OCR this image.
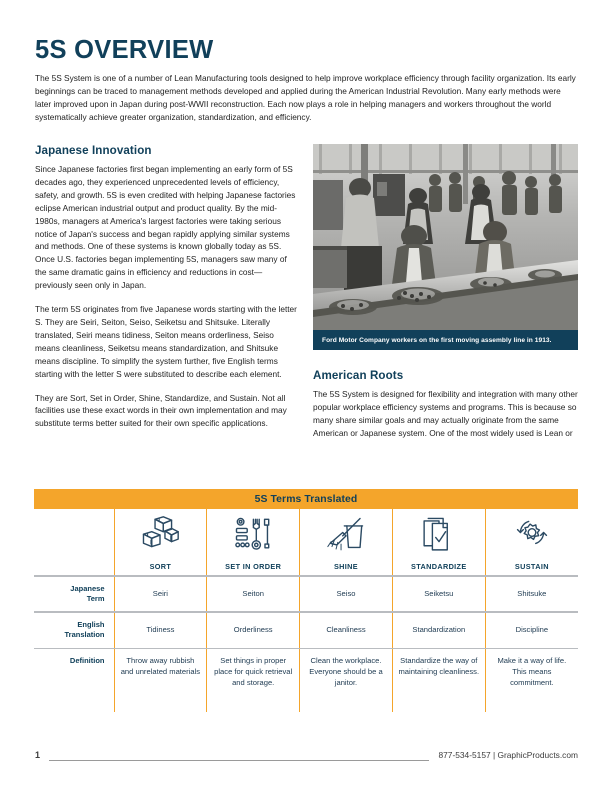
5S OVERVIEW
The 5S System is one of a number of Lean Manufacturing tools designed to help improve workplace efficiency through facility organization. Its early beginnings can be traced to management methods developed and applied during the American Industrial Revolution. Many early methods were later improved upon in Japan during post-WWII reconstruction. Each now plays a role in helping managers and workers throughout the world systematically achieve greater organization, standardization, and efficiency.
Japanese Innovation

Since Japanese factories first began implementing an early form of 5S decades ago, they experienced unprecedented levels of efficiency, safety, and growth. 5S is even credited with helping Japanese factories eclipse American industrial output and product quality. By the mid-1980s, managers at America's largest factories were taking serious notice of Japan's success and began rapidly applying similar systems and methods. One of these systems is known globally today as 5S. Once U.S. factories began implementing 5S, managers saw many of the same dramatic gains in efficiency and reductions in cost—previously seen only in Japan.

The term 5S originates from five Japanese words starting with the letter S. They are Seiri, Seiton, Seiso, Seiketsu and Shitsuke. Literally translated, Seiri means tidiness, Seiton means orderliness, Seiso means cleanliness, Seiketsu means standardization, and Shitsuke means discipline. To simplify the system further, five English terms starting with the letter S were substituted to describe each element.

They are Sort, Set in Order, Shine, Standardize, and Sustain. Not all facilities use these exact words in their own implementation and may substitute terms better suited for their own specific applications.

Ford Motor Company workers on the first moving assembly line in 1913.
American Roots

The 5S System is designed for flexibility and integration with many other popular workplace efficiency systems and programs. This is because so many share similar goals and may actually originate from the same American or Japanese system. One of the most widely used is Lean or

5S Terms Translated					

	SORT	SET IN ORDER	SHINE	STANDARDIZE	SUSTAIN

Japanese
Term	Seiri	Seiton	Seiso	Seiketsu	Shitsuke

English
Translation	Tidiness	Orderliness	Cleanliness	Standardization	Discipline

Definition	Throw away rubbish and unrelated materials	Set things in proper place for quick retrieval and storage.	Clean the workplace. Everyone should be a janitor.	Standardize the way of maintaining cleanliness.	Make it a way of life. This means commitment.
1	877-534-5157 | GraphicProducts.com
